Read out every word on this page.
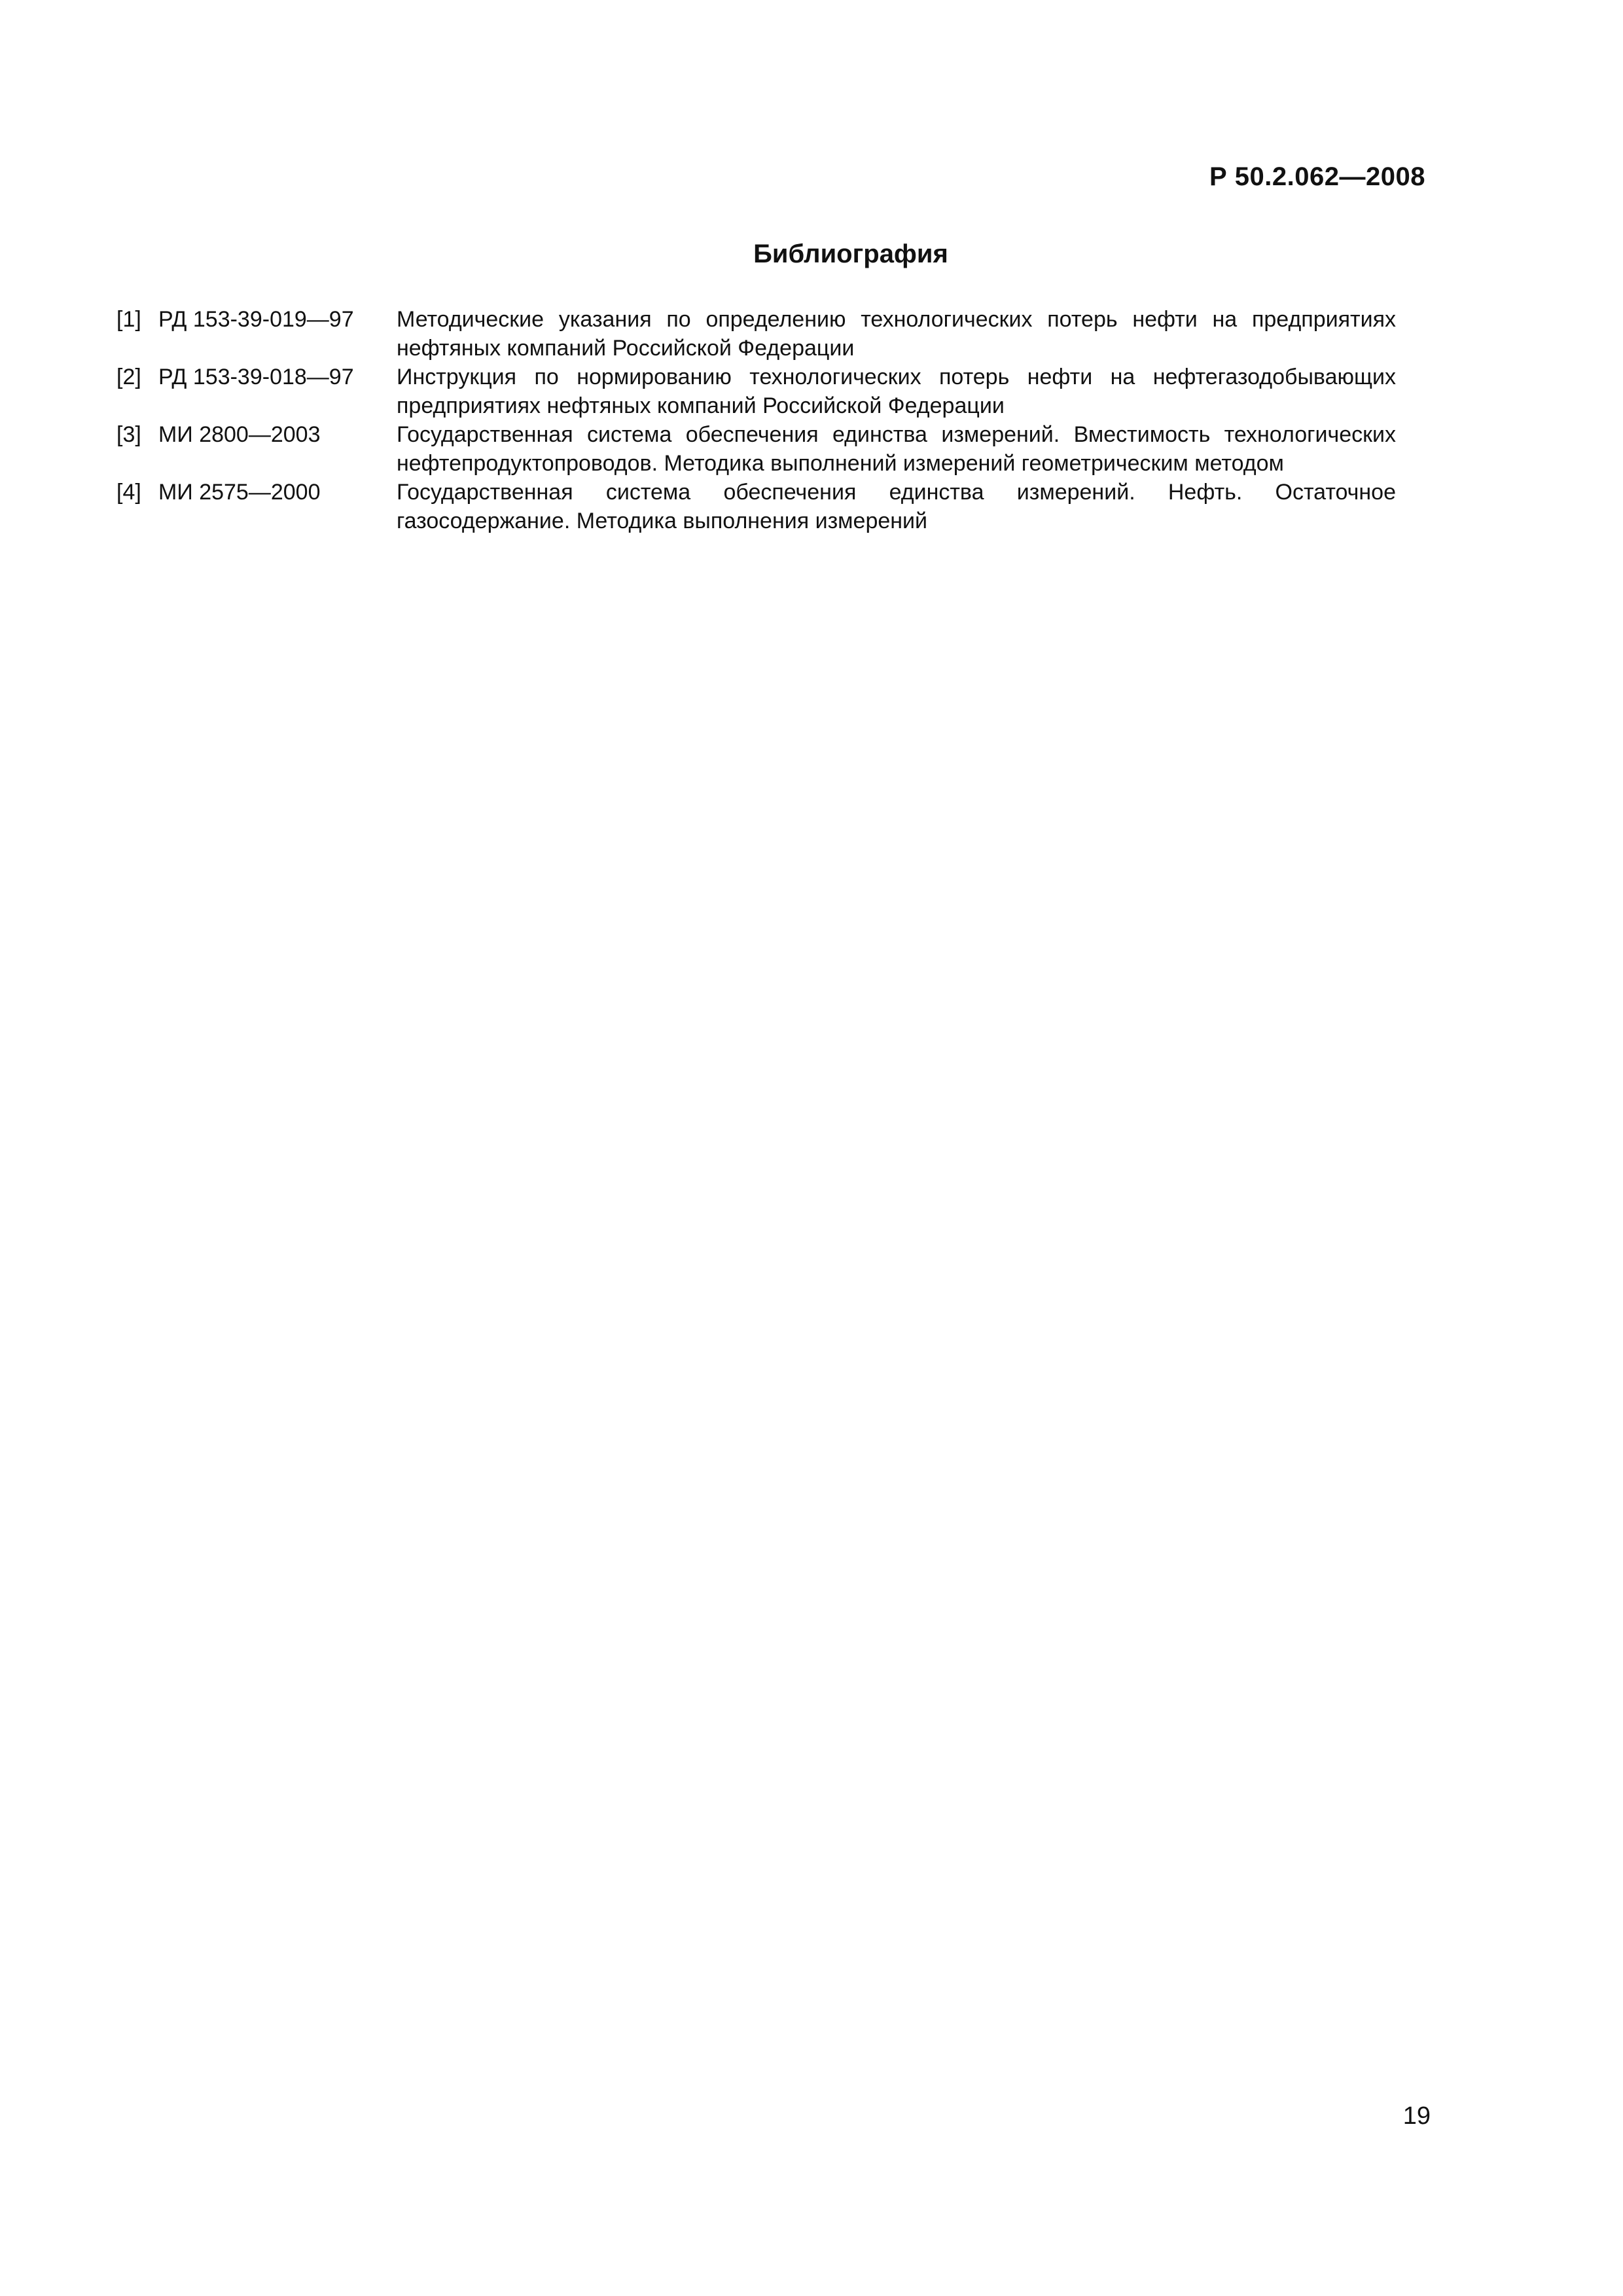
Р 50.2.062—2008
Библиография
[1] РД 153-39-019—97	Методические указания по определению технологических потерь нефти на предприятиях нефтяных компаний Российской Федерации
[2] РД 153-39-018—97	Инструкция по нормированию технологических потерь нефти на нефтегазодобывающих предприятиях нефтяных компаний Российской Федерации
[3] МИ 2800—2003	Государственная система обеспечения единства измерений. Вместимость технологических нефтепродуктопроводов. Методика выполнений измерений геометрическим методом
[4] МИ 2575—2000	Государственная система обеспечения единства измерений. Нефть. Остаточное газосодержание. Методика выполнения измерений
19
